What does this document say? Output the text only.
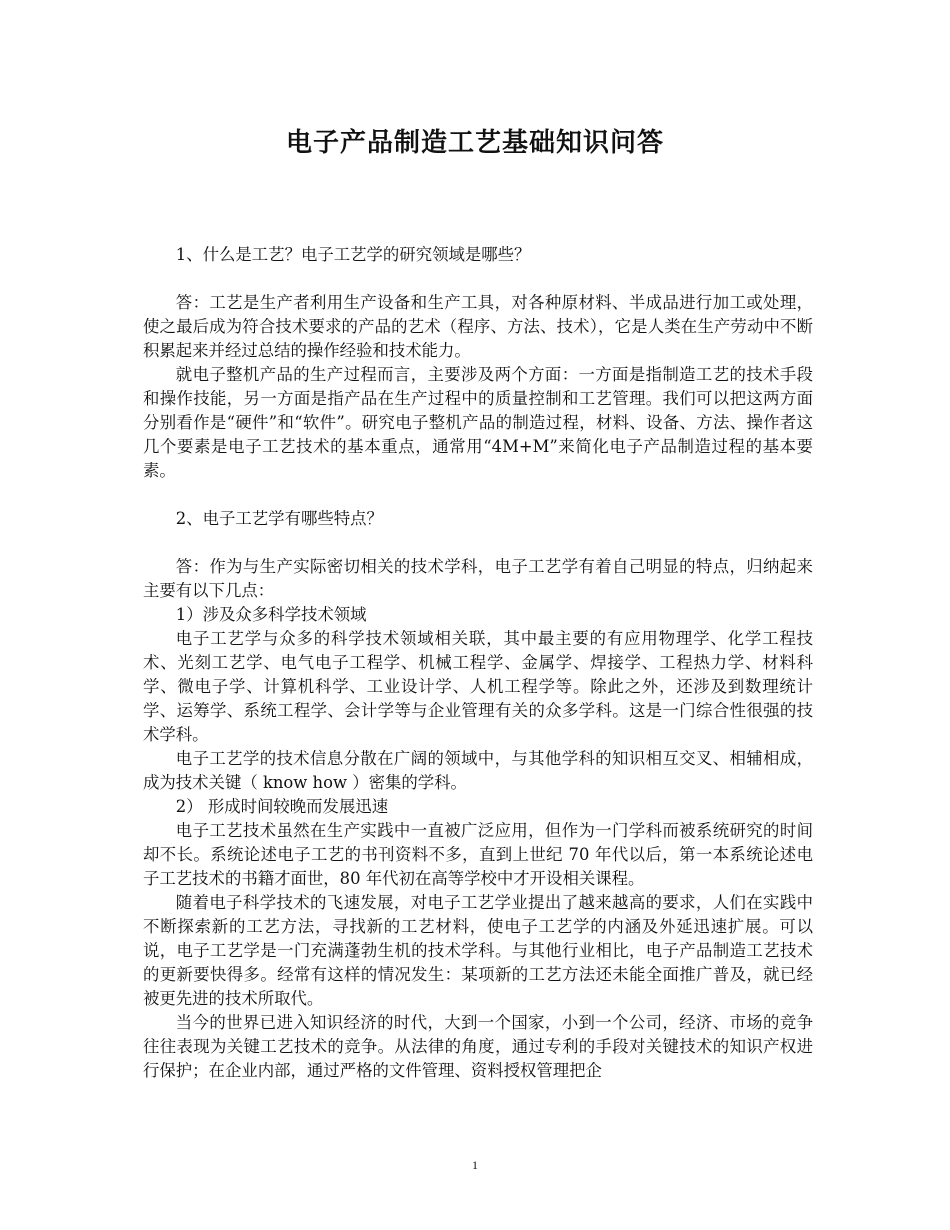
电子产品制造工艺基础知识问答

1、什么是工艺？电子工艺学的研究领域是哪些？

答：工艺是生产者利用生产设备和生产工具，对各种原材料、半成品进行加工或处理，使之最后成为符合技术要求的产品的艺术（程序、方法、技术），它是人类在生产劳动中不断积累起来并经过总结的操作经验和技术能力。

就电子整机产品的生产过程而言，主要涉及两个方面：一方面是指制造工艺的技术手段和操作技能，另一方面是指产品在生产过程中的质量控制和工艺管理。我们可以把这两方面分别看作是“硬件”和“软件”。研究电子整机产品的制造过程，材料、设备、方法、操作者这几个要素是电子工艺技术的基本重点，通常用“4M+M”来简化电子产品制造过程的基本要素。

2、电子工艺学有哪些特点？

答：作为与生产实际密切相关的技术学科，电子工艺学有着自己明显的特点，归纳起来主要有以下几点：

1）涉及众多科学技术领域

电子工艺学与众多的科学技术领域相关联，其中最主要的有应用物理学、化学工程技术、光刻工艺学、电气电子工程学、机械工程学、金属学、焊接学、工程热力学、材料科学、微电子学、计算机科学、工业设计学、人机工程学等。除此之外，还涉及到数理统计学、运筹学、系统工程学、会计学等与企业管理有关的众多学科。这是一门综合性很强的技术学科。

电子工艺学的技术信息分散在广阔的领域中，与其他学科的知识相互交叉、相辅相成，成为技术关键（ know how ）密集的学科。

2） 形成时间较晚而发展迅速

电子工艺技术虽然在生产实践中一直被广泛应用，但作为一门学科而被系统研究的时间却不长。系统论述电子工艺的书刊资料不多，直到上世纪 70 年代以后，第一本系统论述电子工艺技术的书籍才面世，80 年代初在高等学校中才开设相关课程。

随着电子科学技术的飞速发展，对电子工艺学业提出了越来越高的要求，人们在实践中不断探索新的工艺方法，寻找新的工艺材料，使电子工艺学的内涵及外延迅速扩展。可以说，电子工艺学是一门充满蓬勃生机的技术学科。与其他行业相比，电子产品制造工艺技术的更新要快得多。经常有这样的情况发生：某项新的工艺方法还未能全面推广普及，就已经被更先进的技术所取代。

当今的世界已进入知识经济的时代，大到一个国家，小到一个公司，经济、市场的竞争往往表现为关键工艺技术的竞争。从法律的角度，通过专利的手段对关键技术的知识产权进行保护；在企业内部，通过严格的文件管理、资料授权管理把企

1
